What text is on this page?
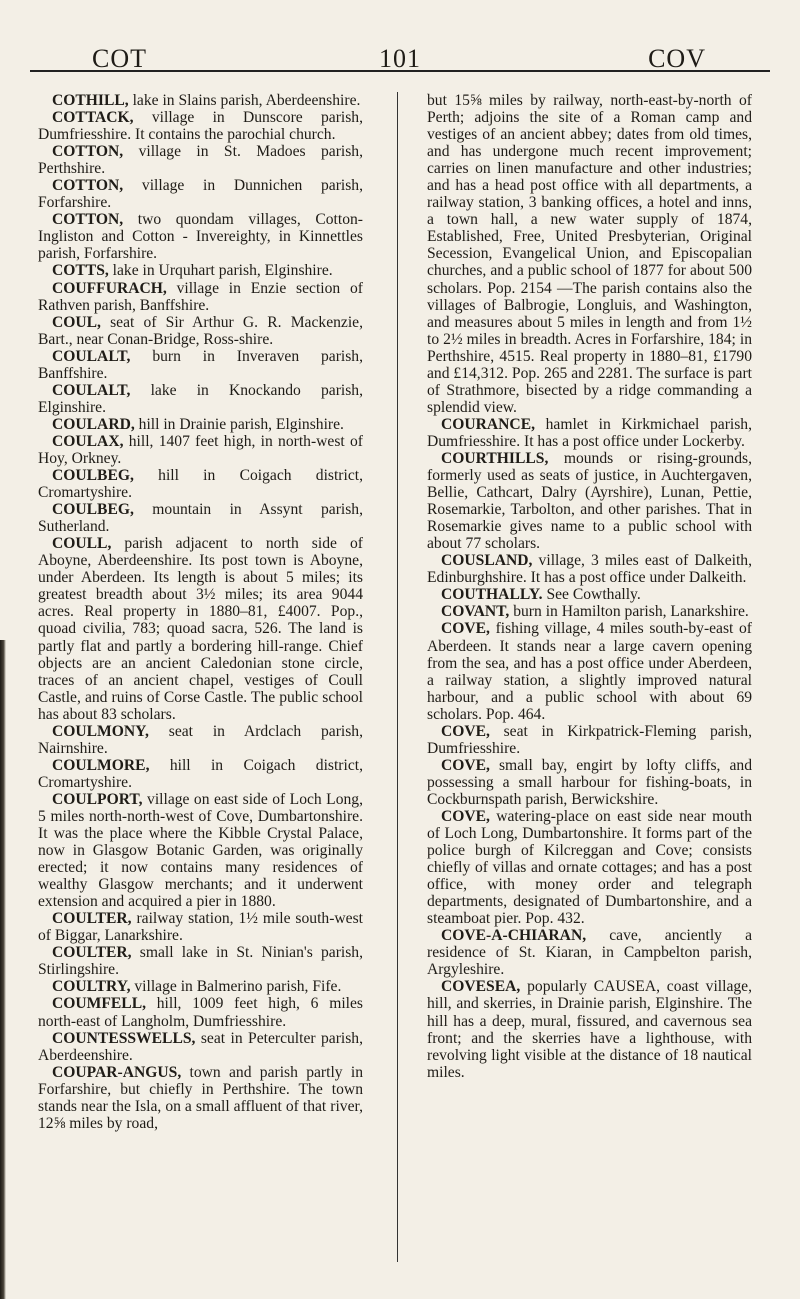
COT	101	COV

COTHILL, lake in Slains parish, Aberdeenshire.

COTTACK, village in Dunscore parish, Dumfriesshire. It contains the parochial church.

COTTON, village in St. Madoes parish, Perthshire.

COTTON, village in Dunnichen parish, Forfarshire.

COTTON, two quondam villages, Cotton-Ingliston and Cotton - Invereighty, in Kinnettles parish, Forfarshire.

COTTS, lake in Urquhart parish, Elginshire.

COUFFURACH, village in Enzie section of Rathven parish, Banffshire.

COUL, seat of Sir Arthur G. R. Mackenzie, Bart., near Conan-Bridge, Ross-shire.

COULALT, burn in Inveraven parish, Banffshire.

COULALT, lake in Knockando parish, Elginshire.

COULARD, hill in Drainie parish, Elginshire.

COULAX, hill, 1407 feet high, in north-west of Hoy, Orkney.

COULBEG, hill in Coigach district, Cromartyshire.

COULBEG, mountain in Assynt parish, Sutherland.

COULL, parish adjacent to north side of Aboyne, Aberdeenshire. Its post town is Aboyne, under Aberdeen. Its length is about 5 miles; its greatest breadth about 3½ miles; its area 9044 acres. Real property in 1880–81, £4007. Pop., quoad civilia, 783; quoad sacra, 526. The land is partly flat and partly a bordering hill-range. Chief objects are an ancient Caledonian stone circle, traces of an ancient chapel, vestiges of Coull Castle, and ruins of Corse Castle. The public school has about 83 scholars.

COULMONY, seat in Ardclach parish, Nairnshire.

COULMORE, hill in Coigach district, Cromartyshire.

COULPORT, village on east side of Loch Long, 5 miles north-north-west of Cove, Dumbartonshire. It was the place where the Kibble Crystal Palace, now in Glasgow Botanic Garden, was originally erected; it now contains many residences of wealthy Glasgow merchants; and it underwent extension and acquired a pier in 1880.

COULTER, railway station, 1½ mile south-west of Biggar, Lanarkshire.

COULTER, small lake in St. Ninian's parish, Stirlingshire.

COULTRY, village in Balmerino parish, Fife.

COUMFELL, hill, 1009 feet high, 6 miles north-east of Langholm, Dumfriesshire.

COUNTESSWELLS, seat in Peterculter parish, Aberdeenshire.

COUPAR-ANGUS, town and parish partly in Forfarshire, but chiefly in Perthshire. The town stands near the Isla, on a small affluent of that river, 12⅝ miles by road,

but 15⅝ miles by railway, north-east-by-north of Perth; adjoins the site of a Roman camp and vestiges of an ancient abbey; dates from old times, and has undergone much recent improvement; carries on linen manufacture and other industries; and has a head post office with all departments, a railway station, 3 banking offices, a hotel and inns, a town hall, a new water supply of 1874, Established, Free, United Presbyterian, Original Secession, Evangelical Union, and Episcopalian churches, and a public school of 1877 for about 500 scholars. Pop. 2154 —The parish contains also the villages of Balbrogie, Longluis, and Washington, and measures about 5 miles in length and from 1½ to 2½ miles in breadth. Acres in Forfarshire, 184; in Perthshire, 4515. Real property in 1880–81, £1790 and £14,312. Pop. 265 and 2281. The surface is part of Strathmore, bisected by a ridge commanding a splendid view.

COURANCE, hamlet in Kirkmichael parish, Dumfriesshire. It has a post office under Lockerby.

COURTHILLS, mounds or rising-grounds, formerly used as seats of justice, in Auchtergaven, Bellie, Cathcart, Dalry (Ayrshire), Lunan, Pettie, Rosemarkie, Tarbolton, and other parishes. That in Rosemarkie gives name to a public school with about 77 scholars.

COUSLAND, village, 3 miles east of Dalkeith, Edinburghshire. It has a post office under Dalkeith.

COUTHALLY. See Cowthally.

COVANT, burn in Hamilton parish, Lanarkshire.

COVE, fishing village, 4 miles south-by-east of Aberdeen. It stands near a large cavern opening from the sea, and has a post office under Aberdeen, a railway station, a slightly improved natural harbour, and a public school with about 69 scholars. Pop. 464.

COVE, seat in Kirkpatrick-Fleming parish, Dumfriesshire.

COVE, small bay, engirt by lofty cliffs, and possessing a small harbour for fishing-boats, in Cockburnspath parish, Berwickshire.

COVE, watering-place on east side near mouth of Loch Long, Dumbartonshire. It forms part of the police burgh of Kilcreggan and Cove; consists chiefly of villas and ornate cottages; and has a post office, with money order and telegraph departments, designated of Dumbartonshire, and a steamboat pier. Pop. 432.

COVE-A-CHIARAN, cave, anciently a residence of St. Kiaran, in Campbelton parish, Argyleshire.

COVESEA, popularly CAUSEA, coast village, hill, and skerries, in Drainie parish, Elginshire. The hill has a deep, mural, fissured, and cavernous sea front; and the skerries have a lighthouse, with revolving light visible at the distance of 18 nautical miles.
